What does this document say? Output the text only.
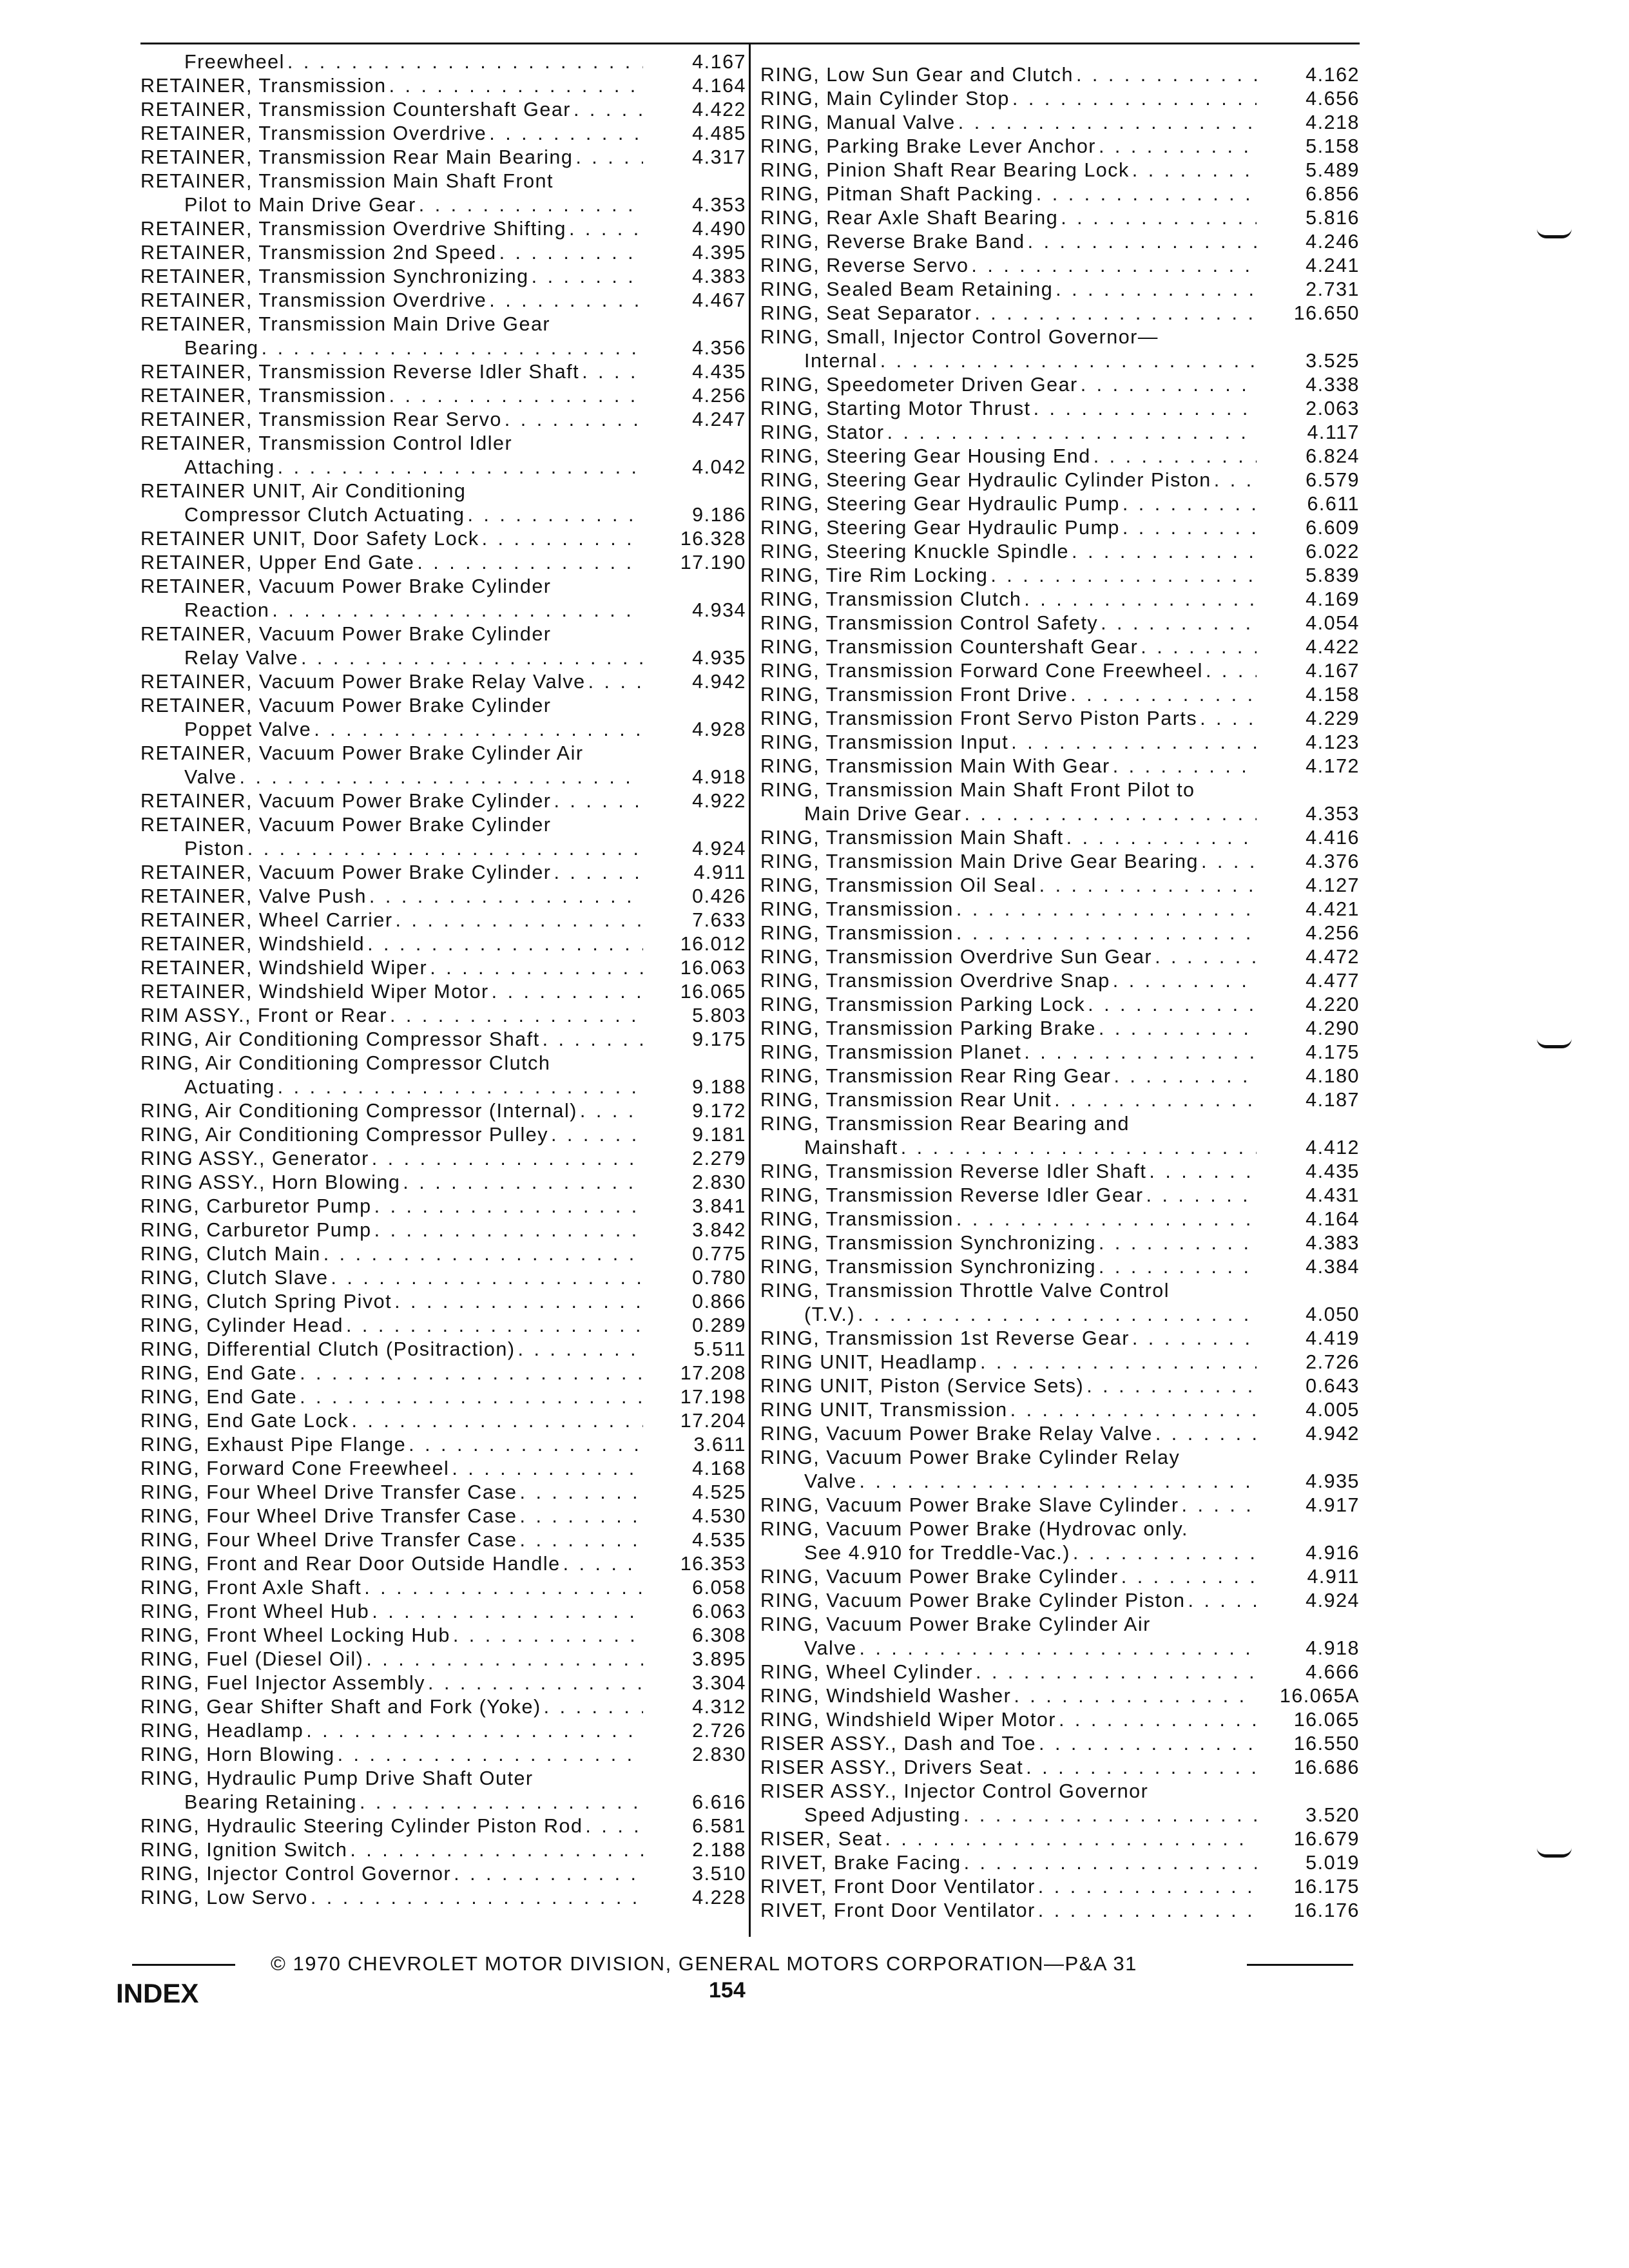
Freewheel . . .	4.167
RETAINER, Transmission . . .	4.164
RETAINER, Transmission Countershaft Gear . . .	4.422
RETAINER, Transmission Overdrive . . .	4.485
RETAINER, Transmission Rear Main Bearing . . .	4.317
RETAINER, Transmission Main Shaft Front
Pilot to Main Drive Gear . . .	4.353
RETAINER, Transmission Overdrive Shifting . . .	4.490
RETAINER, Transmission 2nd Speed . . .	4.395
RETAINER, Transmission Synchronizing . . .	4.383
RETAINER, Transmission Overdrive . . .	4.467
RETAINER, Transmission Main Drive Gear
Bearing . . .	4.356
RETAINER, Transmission Reverse Idler Shaft . . .	4.435
RETAINER, Transmission . . .	4.256
RETAINER, Transmission Rear Servo . . .	4.247
RETAINER, Transmission Control Idler
Attaching . . .	4.042
RETAINER UNIT, Air Conditioning
Compressor Clutch Actuating . . .	9.186
RETAINER UNIT, Door Safety Lock . . .	16.328
RETAINER, Upper End Gate . . .	17.190
RETAINER, Vacuum Power Brake Cylinder
Reaction . . .	4.934
RETAINER, Vacuum Power Brake Cylinder
Relay Valve . . .	4.935
RETAINER, Vacuum Power Brake Relay Valve . . .	4.942
RETAINER, Vacuum Power Brake Cylinder
Poppet Valve . . .	4.928
RETAINER, Vacuum Power Brake Cylinder Air
Valve . . .	4.918
RETAINER, Vacuum Power Brake Cylinder . . .	4.922
RETAINER, Vacuum Power Brake Cylinder
Piston . . .	4.924
RETAINER, Vacuum Power Brake Cylinder . . .	4.911
RETAINER, Valve Push . . .	0.426
RETAINER, Wheel Carrier . . .	7.633
RETAINER, Windshield . . .	16.012
RETAINER, Windshield Wiper . . .	16.063
RETAINER, Windshield Wiper Motor . . .	16.065
RIM ASSY., Front or Rear . . .	5.803
RING, Air Conditioning Compressor Shaft . . .	9.175
RING, Air Conditioning Compressor Clutch
Actuating . . .	9.188
RING, Air Conditioning Compressor (Internal) . . .	9.172
RING, Air Conditioning Compressor Pulley . . .	9.181
RING ASSY., Generator . . .	2.279
RING ASSY., Horn Blowing . . .	2.830
RING, Carburetor Pump . . .	3.841
RING, Carburetor Pump . . .	3.842
RING, Clutch Main . . .	0.775
RING, Clutch Slave . . .	0.780
RING, Clutch Spring Pivot . . .	0.866
RING, Cylinder Head . . .	0.289
RING, Differential Clutch (Positraction) . . .	5.511
RING, End Gate . . .	17.208
RING, End Gate . . .	17.198
RING, End Gate Lock . . .	17.204
RING, Exhaust Pipe Flange . . .	3.611
RING, Forward Cone Freewheel . . .	4.168
RING, Four Wheel Drive Transfer Case . . .	4.525
RING, Four Wheel Drive Transfer Case . . .	4.530
RING, Four Wheel Drive Transfer Case . . .	4.535
RING, Front and Rear Door Outside Handle . . .	16.353
RING, Front Axle Shaft . . .	6.058
RING, Front Wheel Hub . . .	6.063
RING, Front Wheel Locking Hub . . .	6.308
RING, Fuel (Diesel Oil) . . .	3.895
RING, Fuel Injector Assembly . . .	3.304
RING, Gear Shifter Shaft and Fork (Yoke) . . .	4.312
RING, Headlamp . . .	2.726
RING, Horn Blowing . . .	2.830
RING, Hydraulic Pump Drive Shaft Outer
Bearing Retaining . . .	6.616
RING, Hydraulic Steering Cylinder Piston Rod . . .	6.581
RING, Ignition Switch . . .	2.188
RING, Injector Control Governor . . .	3.510
RING, Low Servo . . .	4.228
RING, Low Sun Gear and Clutch . . .	4.162
RING, Main Cylinder Stop . . .	4.656
RING, Manual Valve . . .	4.218
RING, Parking Brake Lever Anchor . . .	5.158
RING, Pinion Shaft Rear Bearing Lock . . .	5.489
RING, Pitman Shaft Packing . . .	6.856
RING, Rear Axle Shaft Bearing . . .	5.816
RING, Reverse Brake Band . . .	4.246
RING, Reverse Servo . . .	4.241
RING, Sealed Beam Retaining . . .	2.731
RING, Seat Separator . . .	16.650
RING, Small, Injector Control Governor—
Internal . . .	3.525
RING, Speedometer Driven Gear . . .	4.338
RING, Starting Motor Thrust . . .	2.063
RING, Stator . . .	4.117
RING, Steering Gear Housing End . . .	6.824
RING, Steering Gear Hydraulic Cylinder Piston . . .	6.579
RING, Steering Gear Hydraulic Pump . . .	6.611
RING, Steering Gear Hydraulic Pump . . .	6.609
RING, Steering Knuckle Spindle . . .	6.022
RING, Tire Rim Locking . . .	5.839
RING, Transmission Clutch . . .	4.169
RING, Transmission Control Safety . . .	4.054
RING, Transmission Countershaft Gear . . .	4.422
RING, Transmission Forward Cone Freewheel . . .	4.167
RING, Transmission Front Drive . . .	4.158
RING, Transmission Front Servo Piston Parts . . .	4.229
RING, Transmission Input . . .	4.123
RING, Transmission Main With Gear . . .	4.172
RING, Transmission Main Shaft Front Pilot to
Main Drive Gear . . .	4.353
RING, Transmission Main Shaft . . .	4.416
RING, Transmission Main Drive Gear Bearing . . .	4.376
RING, Transmission Oil Seal . . .	4.127
RING, Transmission . . .	4.421
RING, Transmission . . .	4.256
RING, Transmission Overdrive Sun Gear . . .	4.472
RING, Transmission Overdrive Snap . . .	4.477
RING, Transmission Parking Lock . . .	4.220
RING, Transmission Parking Brake . . .	4.290
RING, Transmission Planet . . .	4.175
RING, Transmission Rear Ring Gear . . .	4.180
RING, Transmission Rear Unit . . .	4.187
RING, Transmission Rear Bearing and
Mainshaft . . .	4.412
RING, Transmission Reverse Idler Shaft . . .	4.435
RING, Transmission Reverse Idler Gear . . .	4.431
RING, Transmission . . .	4.164
RING, Transmission Synchronizing . . .	4.383
RING, Transmission Synchronizing . . .	4.384
RING, Transmission Throttle Valve Control
(T.V.) . . .	4.050
RING, Transmission 1st Reverse Gear . . .	4.419
RING UNIT, Headlamp . . .	2.726
RING UNIT, Piston (Service Sets) . . .	0.643
RING UNIT, Transmission . . .	4.005
RING, Vacuum Power Brake Relay Valve . . .	4.942
RING, Vacuum Power Brake Cylinder Relay
Valve . . .	4.935
RING, Vacuum Power Brake Slave Cylinder . . .	4.917
RING, Vacuum Power Brake (Hydrovac only.
See 4.910 for Treddle-Vac.) . . .	4.916
RING, Vacuum Power Brake Cylinder . . .	4.911
RING, Vacuum Power Brake Cylinder Piston . . .	4.924
RING, Vacuum Power Brake Cylinder Air
Valve . . .	4.918
RING, Wheel Cylinder . . .	4.666
RING, Windshield Washer . . .	16.065A
RING, Windshield Wiper Motor . . .	16.065
RISER ASSY., Dash and Toe . . .	16.550
RISER ASSY., Drivers Seat . . .	16.686
RISER ASSY., Injector Control Governor
Speed Adjusting . . .	3.520
RISER, Seat . . .	16.679
RIVET, Brake Facing . . .	5.019
RIVET, Front Door Ventilator . . .	16.175
RIVET, Front Door Ventilator . . .	16.176
INDEX
© 1970 CHEVROLET MOTOR DIVISION, GENERAL MOTORS CORPORATION—P&A 31
154
